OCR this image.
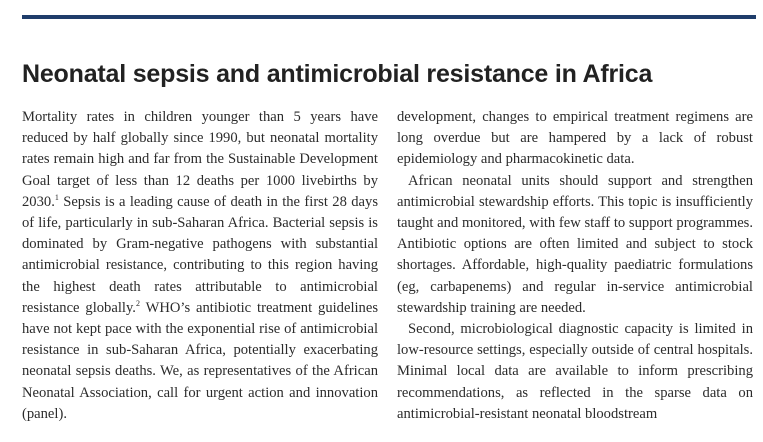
Neonatal sepsis and antimicrobial resistance in Africa

Mortality rates in children younger than 5 years have reduced by half globally since 1990, but neonatal mortality rates remain high and far from the Sustainable Development Goal target of less than 12 deaths per 1000 livebirths by 2030.$^1$ Sepsis is a leading cause of death in the first 28 days of life, particularly in sub-Saharan Africa. Bacterial sepsis is dominated by Gram-negative pathogens with substantial antimicrobial resistance, contributing to this region having the highest death rates attributable to antimicrobial resistance globally.$^2$ WHO’s antibiotic treatment guidelines have not kept pace with the exponential rise of antimicrobial resistance in sub-Saharan Africa, potentially exacerbating neonatal sepsis deaths. We, as representatives of the African Neonatal Association, call for urgent action and innovation (panel).

development, changes to empirical treatment regimens are long overdue but are hampered by a lack of robust epidemiology and pharmacokinetic data.

African neonatal units should support and strengthen antimicrobial stewardship efforts. This topic is insufficiently taught and monitored, with few staff to support programmes. Antibiotic options are often limited and subject to stock shortages. Affordable, high-quality paediatric formulations (eg, carbapenems) and regular in-service antimicrobial stewardship training are needed.

Second, microbiological diagnostic capacity is limited in low-resource settings, especially outside of central hospitals. Minimal local data are available to inform prescribing recommendations, as reflected in the sparse data on antimicrobial-resistant neonatal bloodstream
